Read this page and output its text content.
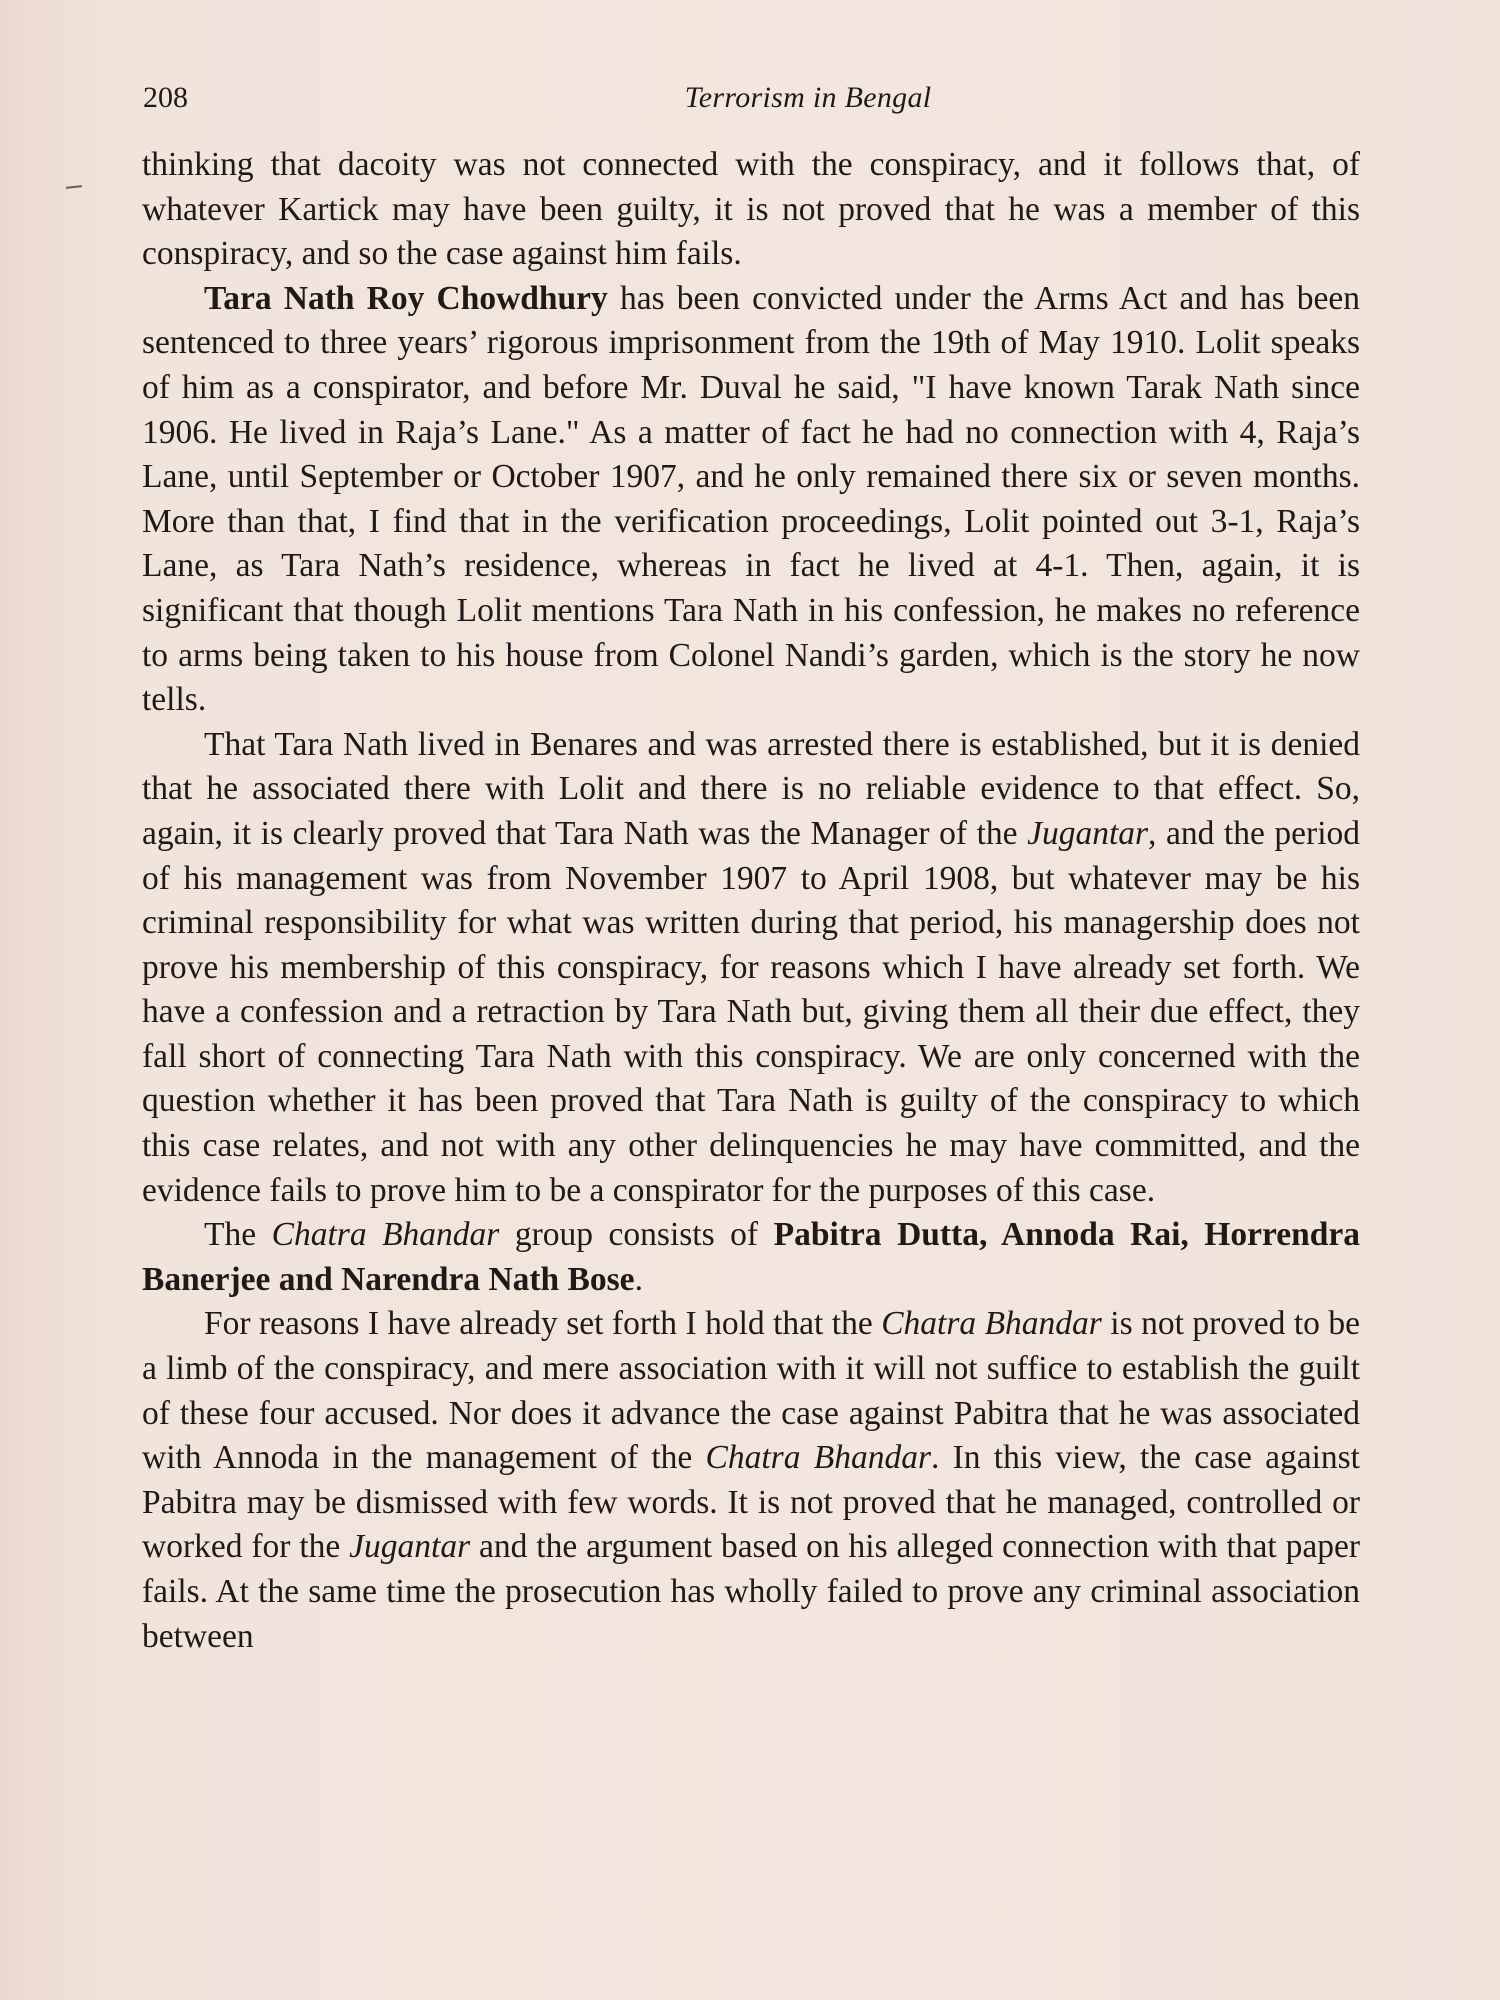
208	Terrorism in Bengal

thinking that dacoity was not connected with the conspiracy, and it follows that, of whatever Kartick may have been guilty, it is not proved that he was a member of this conspiracy, and so the case against him fails.

Tara Nath Roy Chowdhury has been convicted under the Arms Act and has been sentenced to three years’ rigorous imprisonment from the 19th of May 1910. Lolit speaks of him as a conspirator, and before Mr. Duval he said, "I have known Tarak Nath since 1906. He lived in Raja’s Lane." As a matter of fact he had no connection with 4, Raja’s Lane, until September or October 1907, and he only remained there six or seven months. More than that, I find that in the verification proceedings, Lolit pointed out 3-1, Raja’s Lane, as Tara Nath’s residence, whereas in fact he lived at 4-1. Then, again, it is significant that though Lolit mentions Tara Nath in his confession, he makes no reference to arms being taken to his house from Colonel Nandi’s garden, which is the story he now tells.

That Tara Nath lived in Benares and was arrested there is established, but it is denied that he associated there with Lolit and there is no reliable evidence to that effect. So, again, it is clearly proved that Tara Nath was the Manager of the Jugantar, and the period of his management was from November 1907 to April 1908, but whatever may be his criminal responsibility for what was written during that period, his managership does not prove his membership of this conspiracy, for reasons which I have already set forth. We have a confession and a retraction by Tara Nath but, giving them all their due effect, they fall short of connecting Tara Nath with this conspiracy. We are only concerned with the question whether it has been proved that Tara Nath is guilty of the conspiracy to which this case relates, and not with any other delinquencies he may have committed, and the evidence fails to prove him to be a conspirator for the purposes of this case.

The Chatra Bhandar group consists of Pabitra Dutta, Annoda Rai, Horrendra Banerjee and Narendra Nath Bose.

For reasons I have already set forth I hold that the Chatra Bhandar is not proved to be a limb of the conspiracy, and mere association with it will not suffice to establish the guilt of these four accused. Nor does it advance the case against Pabitra that he was associated with Annoda in the management of the Chatra Bhandar. In this view, the case against Pabitra may be dismissed with few words. It is not proved that he managed, controlled or worked for the Jugantar and the argument based on his alleged connection with that paper fails. At the same time the prosecution has wholly failed to prove any criminal association between
